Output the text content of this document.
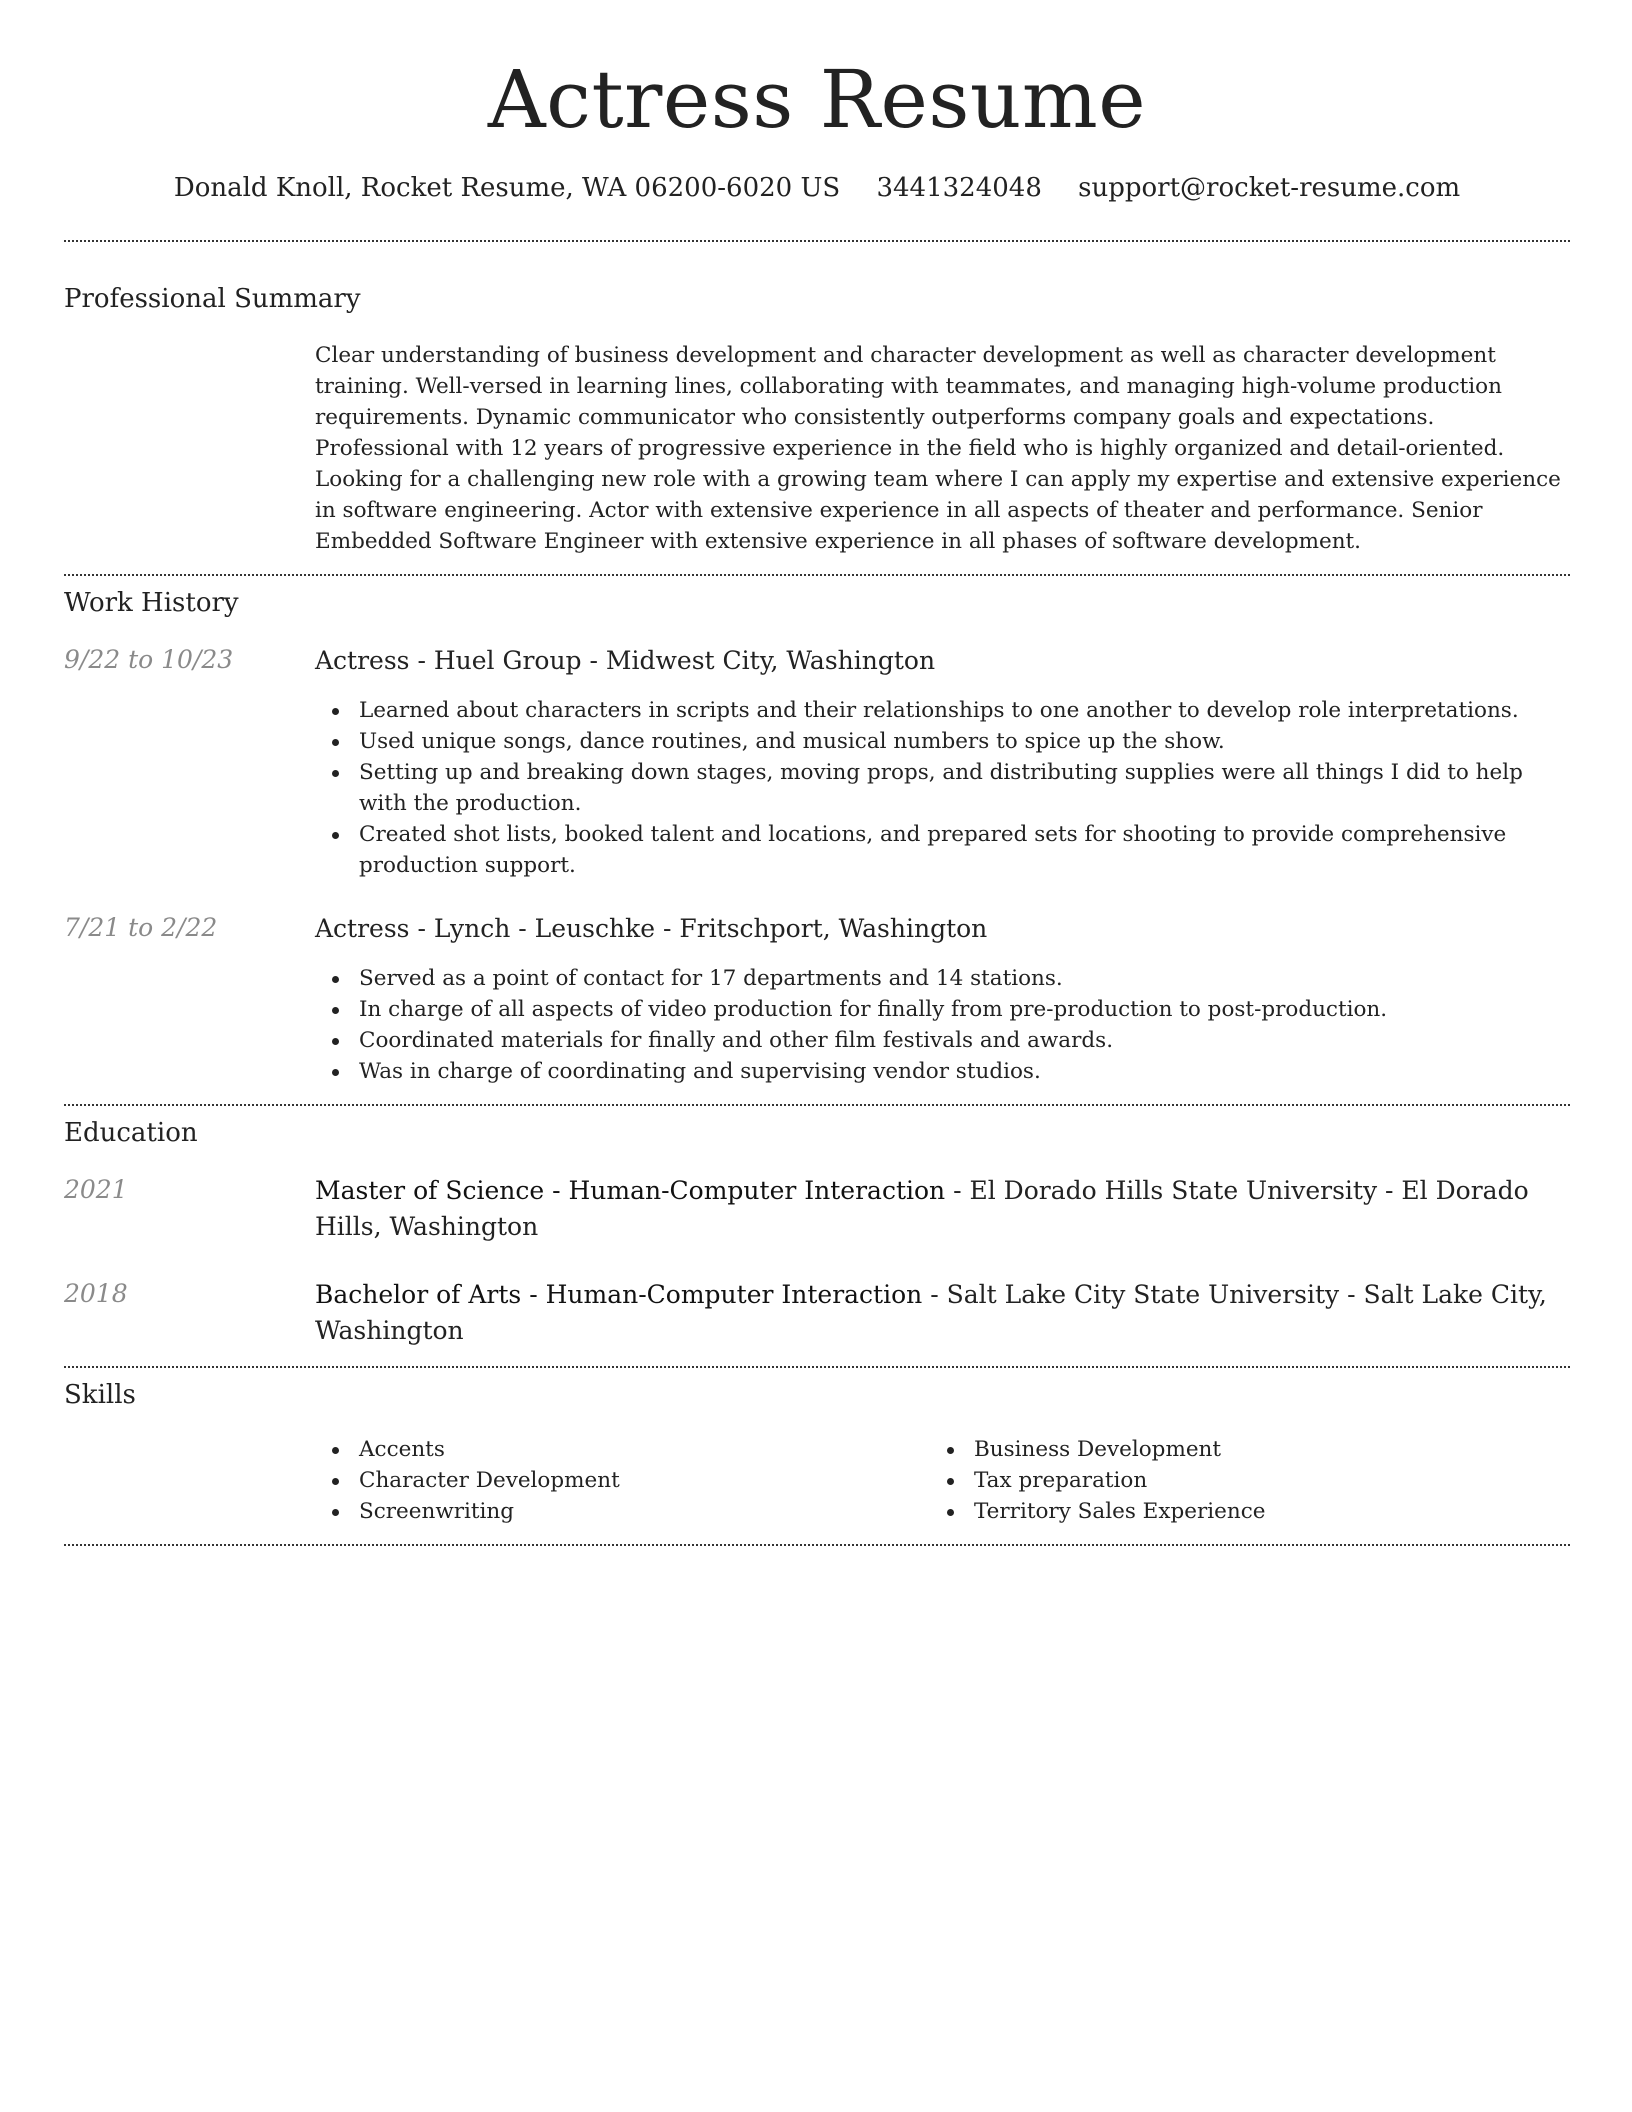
Actress Resume
Donald Knoll, Rocket Resume, WA 06200-6020 US 3441324048 support@rocket-resume.com
Professional Summary

Clear understanding of business development and character development as well as character development training. Well-versed in learning lines, collaborating with teammates, and managing high-volume production requirements. Dynamic communicator who consistently outperforms company goals and expectations. Professional with 12 years of progressive experience in the field who is highly organized and detail-oriented. Looking for a challenging new role with a growing team where I can apply my expertise and extensive experience in software engineering. Actor with extensive experience in all aspects of theater and performance. Senior Embedded Software Engineer with extensive experience in all phases of software development.

Work History
9/22 to 10/23	Actress - Huel Group - Midwest City, Washington
Learned about characters in scripts and their relationships to one another to develop role interpretations.
Used unique songs, dance routines, and musical numbers to spice up the show.
Setting up and breaking down stages, moving props, and distributing supplies were all things I did to help with the production.
Created shot lists, booked talent and locations, and prepared sets for shooting to provide comprehensive production support.
7/21 to 2/22	Actress - Lynch - Leuschke - Fritschport, Washington
Served as a point of contact for 17 departments and 14 stations.
In charge of all aspects of video production for finally from pre-production to post-production.
Coordinated materials for finally and other film festivals and awards.
Was in charge of coordinating and supervising vendor studios.
Education
2021	Master of Science - Human-Computer Interaction - El Dorado Hills State University - El Dorado Hills, Washington
2018	Bachelor of Arts - Human-Computer Interaction - Salt Lake City State University - Salt Lake City, Washington
Skills
Accents
Character Development
Screenwriting
Business Development
Tax preparation
Territory Sales Experience
